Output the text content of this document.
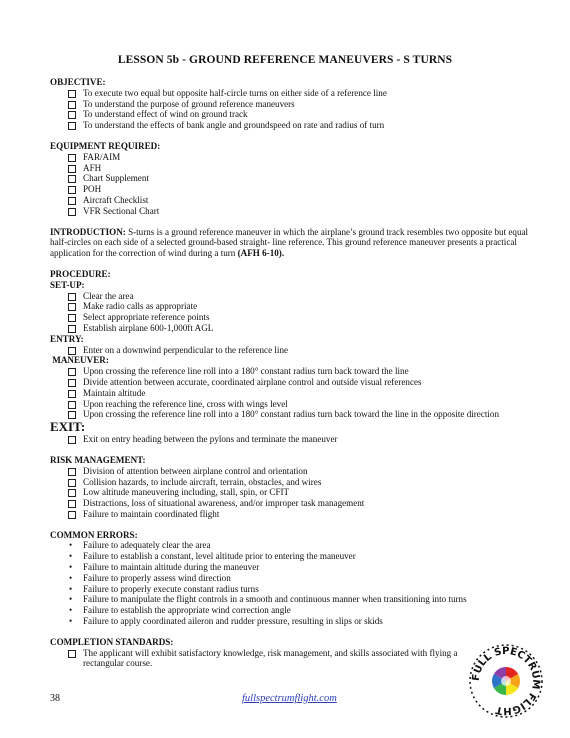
LESSON 5b - GROUND REFERENCE MANEUVERS - S TURNS
OBJECTIVE:
To execute two equal but opposite half-circle turns on either side of a reference line
To understand the purpose of ground reference maneuvers
To understand effect of wind on ground track
To understand the effects of bank angle and groundspeed on rate and radius of turn
EQUIPMENT REQUIRED:
FAR/AIM
AFH
Chart Supplement
POH
Aircraft Checklist
VFR Sectional Chart
INTRODUCTION: S-turns is a ground reference maneuver in which the airplane’s ground track resembles two opposite but equal half-circles on each side of a selected ground-based straight- line reference. This ground reference maneuver presents a practical application for the correction of wind during a turn (AFH 6-10).
PROCEDURE:
SET-UP:
Clear the area
Make radio calls as appropriate
Select appropriate reference points
Establish airplane 600-1,000ft AGL
ENTRY:
Enter on a downwind perpendicular to the reference line
MANEUVER:
Upon crossing the reference line roll into a 180° constant radius turn back toward the line
Divide attention between accurate, coordinated airplane control and outside visual references
Maintain altitude
Upon reaching the reference line, cross with wings level
Upon crossing the reference line roll into a 180° constant radius turn back toward the line in the opposite direction
EXIT:
Exit on entry heading between the pylons and terminate the maneuver
RISK MANAGEMENT:
Division of attention between airplane control and orientation
Collision hazards, to include aircraft, terrain, obstacles, and wires
Low altitude maneuvering including, stall, spin, or CFIT
Distractions, loss of situational awareness, and/or improper task management
Failure to maintain coordinated flight
COMMON ERRORS:
• Failure to adequately clear the area
• Failure to establish a constant, level altitude prior to entering the maneuver
• Failure to maintain altitude during the maneuver
• Failure to properly assess wind direction
• Failure to properly execute constant radius turns
• Failure to manipulate the flight controls in a smooth and continuous manner when transitioning into turns
• Failure to establish the appropriate wind correction angle
• Failure to apply coordinated aileron and rudder pressure, resulting in slips or skids
COMPLETION STANDARDS:
The applicant will exhibit satisfactory knowledge, risk management, and skills associated with flying a rectangular course.
38	fullspectrumflight.com
FULL SPECTRUM FLIGHT
